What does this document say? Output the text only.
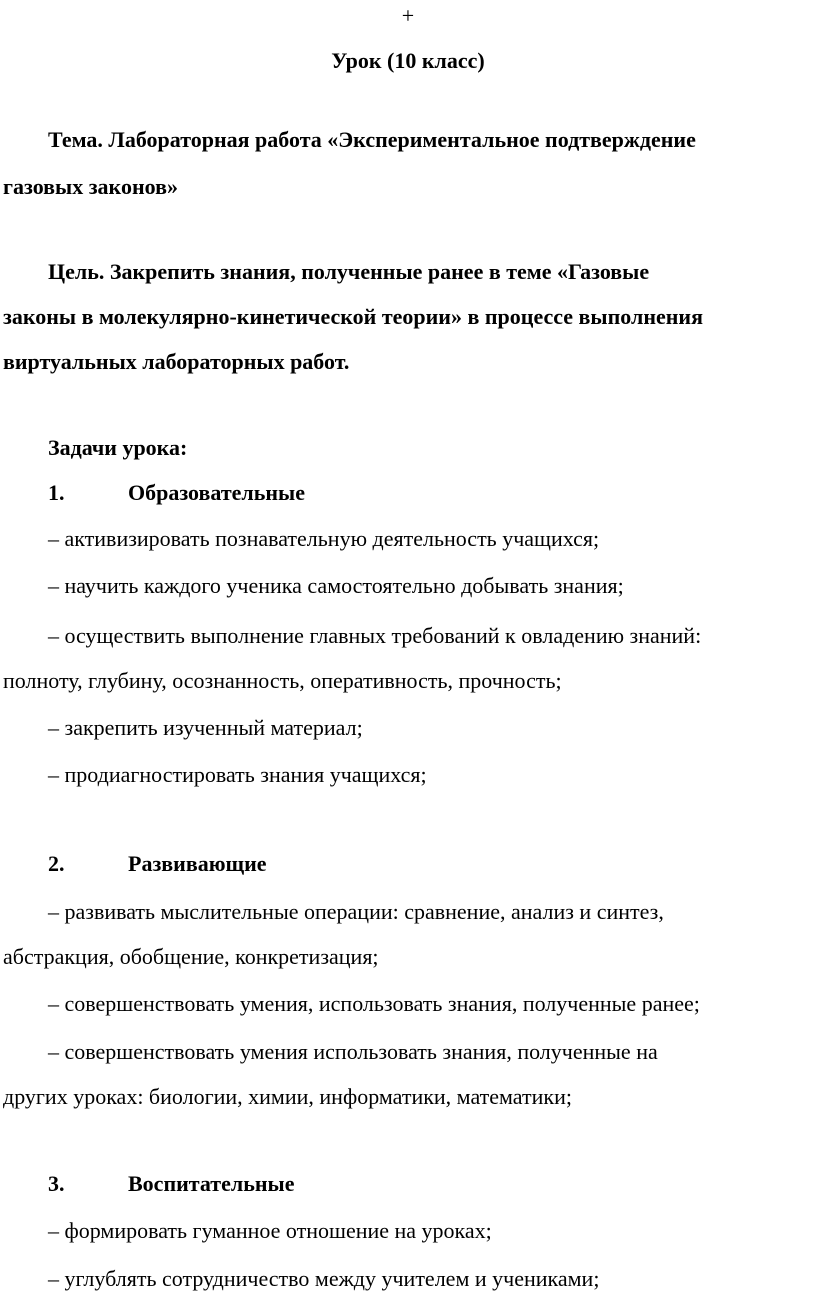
+
Урок (10 класс)
Тема. Лабораторная работа «Экспериментальное подтверждение
газовых законов»
Цель. Закрепить знания, полученные ранее в теме «Газовые
законы в молекулярно-кинетической теории» в процессе выполнения
виртуальных лабораторных работ.
Задачи урока:
1.	Образовательные
– активизировать познавательную деятельность учащихся;
– научить каждого ученика самостоятельно добывать знания;
– осуществить выполнение главных требований к овладению знаний:
полноту, глубину, осознанность, оперативность, прочность;
– закрепить изученный материал;
– продиагностировать знания учащихся;
2.	Развивающие
– развивать мыслительные операции: сравнение, анализ и синтез,
абстракция, обобщение, конкретизация;
– совершенствовать умения, использовать знания, полученные ранее;
– совершенствовать умения использовать знания, полученные на
других уроках: биологии, химии, информатики, математики;
3.	Воспитательные
– формировать гуманное отношение на уроках;
– углублять сотрудничество между учителем и учениками;
